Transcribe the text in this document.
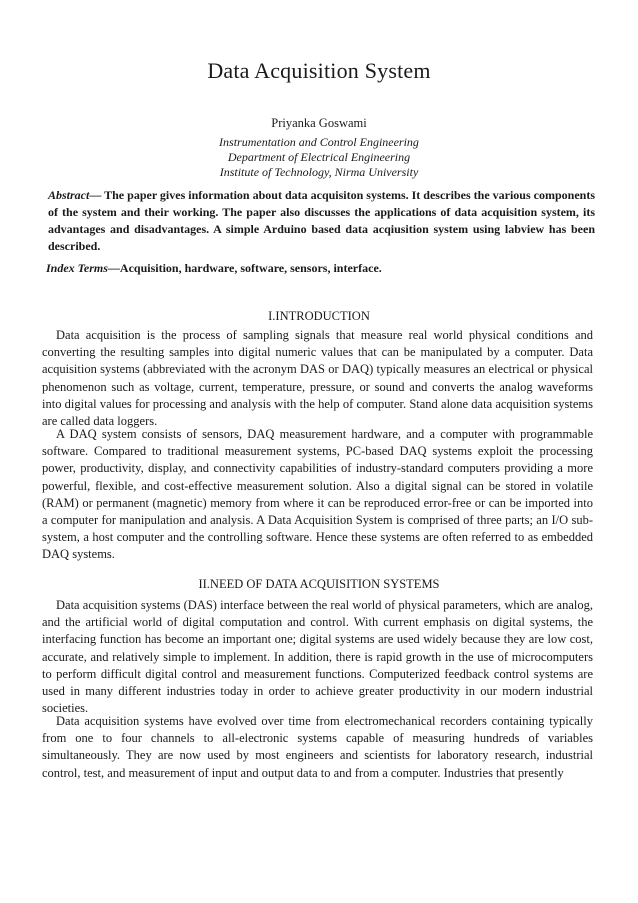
Data Acquisition System
Priyanka Goswami
Instrumentation and Control Engineering
Department of Electrical Engineering
Institute of Technology, Nirma University
Abstract— The paper gives information about data acquisiton systems. It describes the various components of the system and their working. The paper also discusses the applications of data acquisition system, its advantages and disadvantages. A simple Arduino based data acqiusition system using labview has been described.
Index Terms—Acquisition, hardware, software, sensors, interface.
I.INTRODUCTION

Data acquisition is the process of sampling signals that measure real world physical conditions and converting the resulting samples into digital numeric values that can be manipulated by a computer. Data acquisition systems (abbreviated with the acronym DAS or DAQ) typically measures an electrical or physical phenomenon such as voltage, current, temperature, pressure, or sound and converts the analog waveforms into digital values for processing and analysis with the help of computer. Stand alone data acquisition systems are called data loggers.

A DAQ system consists of sensors, DAQ measurement hardware, and a computer with programmable software. Compared to traditional measurement systems, PC-based DAQ systems exploit the processing power, productivity, display, and connectivity capabilities of industry-standard computers providing a more powerful, flexible, and cost-effective measurement solution. Also a digital signal can be stored in volatile (RAM) or permanent (magnetic) memory from where it can be reproduced error-free or can be imported into a computer for manipulation and analysis. A Data Acquisition System is comprised of three parts; an I/O sub-system, a host computer and the controlling software. Hence these systems are often referred to as embedded DAQ systems.

II.NEED OF DATA ACQUISITION SYSTEMS

Data acquisition systems (DAS) interface between the real world of physical parameters, which are analog, and the artificial world of digital computation and control. With current emphasis on digital systems, the interfacing function has become an important one; digital systems are used widely because they are low cost, accurate, and relatively simple to implement. In addition, there is rapid growth in the use of microcomputers to perform difficult digital control and measurement functions. Computerized feedback control systems are used in many different industries today in order to achieve greater productivity in our modern industrial societies.

Data acquisition systems have evolved over time from electromechanical recorders containing typically from one to four channels to all-electronic systems capable of measuring hundreds of variables simultaneously. They are now used by most engineers and scientists for laboratory research, industrial control, test, and measurement of input and output data to and from a computer. Industries that presently
